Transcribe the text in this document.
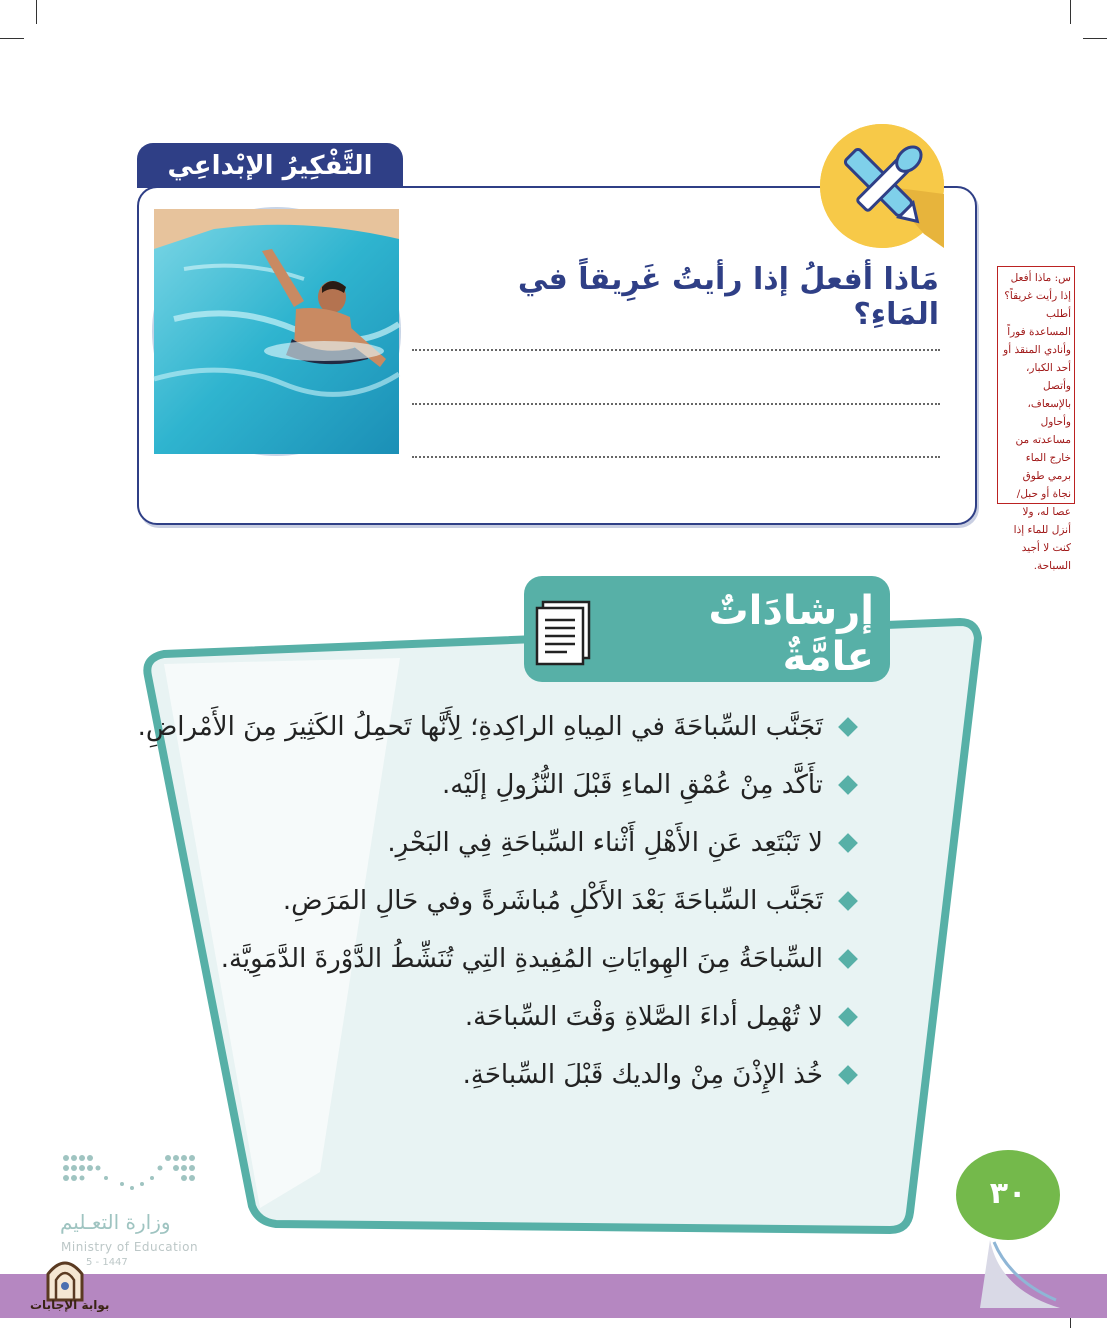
التَّفْكِيرُ الإبْداعِي
مَاذا أفعلُ إذا رأيتُ غَرِيقاً في المَاءِ؟
س: ماذا أفعل إذا رأيت غريقاً؟ أطلب المساعدة فوراً وأنادي المنقذ أو أحد الكبار، وأتصل بالإسعاف، وأحاول مساعدته من خارج الماء برمي طوق نجاة أو حبل/عصا له، ولا أنزل للماء إذا كنت لا أجيد السباحة.
إرشادَاتٌ عامَّةٌ
تَجَنَّب السِّباحَةَ في المِياهِ الراكِدةِ؛ لِأَنَّها تَحمِلُ الكَثِيرَ مِنَ الأَمْراضِ.
تأَكَّد مِنْ عُمْقِ الماءِ قَبْلَ النُّزُولِ إلَيْه.
لا تَبْتَعِد عَنِ الأَهْلِ أَثْناء السِّباحَةِ فِي البَحْرِ.
تَجَنَّب السِّباحَةَ بَعْدَ الأَكْلِ مُباشَرةً وفي حَالِ المَرَضِ.
السِّباحَةُ مِنَ الهِوايَاتِ المُفِيدةِ التِي تُنَشِّطُ الدَّوْرةَ الدَّمَوِيَّة.
لا تُهْمِل أداءَ الصَّلاةِ وَقْتَ السِّباحَة.
خُذ الإِذْنَ مِنْ والديك قَبْلَ السِّباحَةِ.
٣٠
وزارة التعـليم
Ministry of Education
5 - 1447
بوابة الإجابات
